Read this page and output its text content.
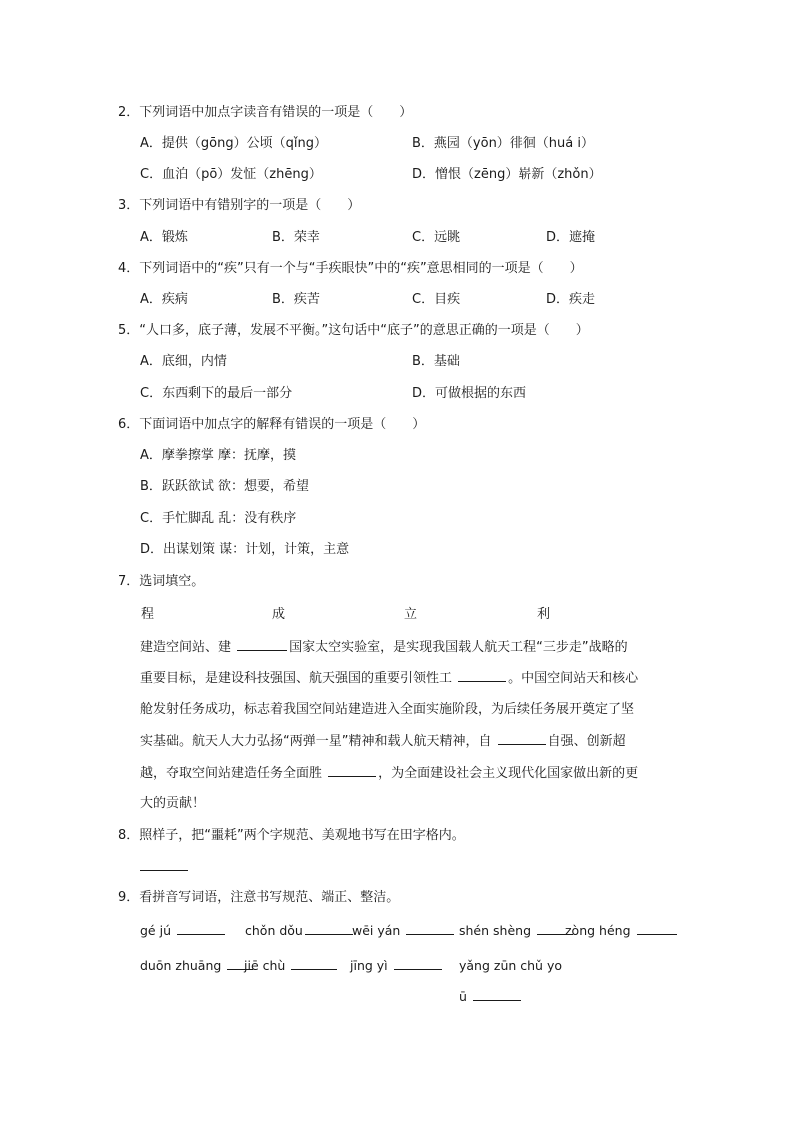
2．下列词语中加点字读音有错误的一项是（　　）
A．提供（gōng）公顷（qǐng）	B．燕园（yōn）徘徊（huá i）
C．血泊（pō）发怔（zhēng）	D．憎恨（zēng）崭新（zhǒn）
3．下列词语中有错别字的一项是（　　）
A．锻炼	B．荣幸	C．远眺	D．遮掩
4．下列词语中的“疾”只有一个与“手疾眼快”中的“疾”意思相同的一项是（　　）
A．疾病	B．疾苦	C．目疾	D．疾走
5．“人口多，底子薄，发展不平衡。”这句话中“底子”的意思正确的一项是（　　）
A．底细，内情	B．基础
C．东西剩下的最后一部分	D．可做根据的东西
6．下面词语中加点字的解释有错误的一项是（　　）
A．摩拳擦掌 摩：抚摩，摸
B．跃跃欲试 欲：想要，希望
C．手忙脚乱 乱：没有秩序
D．出谋划策 谋：计划，计策，主意
7．选词填空。
程	成	立	利
建造空间站、建	国家太空实验室，是实现我国载人航天工程“三步走”战略的
重要目标，是建设科技强国、航天强国的重要引领性工	。中国空间站天和核心
舱发射任务成功，标志着我国空间站建造进入全面实施阶段，为后续任务展开奠定了坚
实基础。航天人大力弘扬“两弹一星”精神和载人航天精神，自	自强、创新超
越，夺取空间站建造任务全面胜	，为全面建设社会主义现代化国家做出新的更
大的贡献！
8．照样子，把“噩耗”两个字规范、美观地书写在田字格内。
9．看拼音写词语，注意书写规范、端正、整洁。
gé jú	chǒn dǒu	wēi yán	shén shèng	zòng héng
duōn zhuāng	jiē chù	jīng yì	yǎng zūn chǔ yo
ū
